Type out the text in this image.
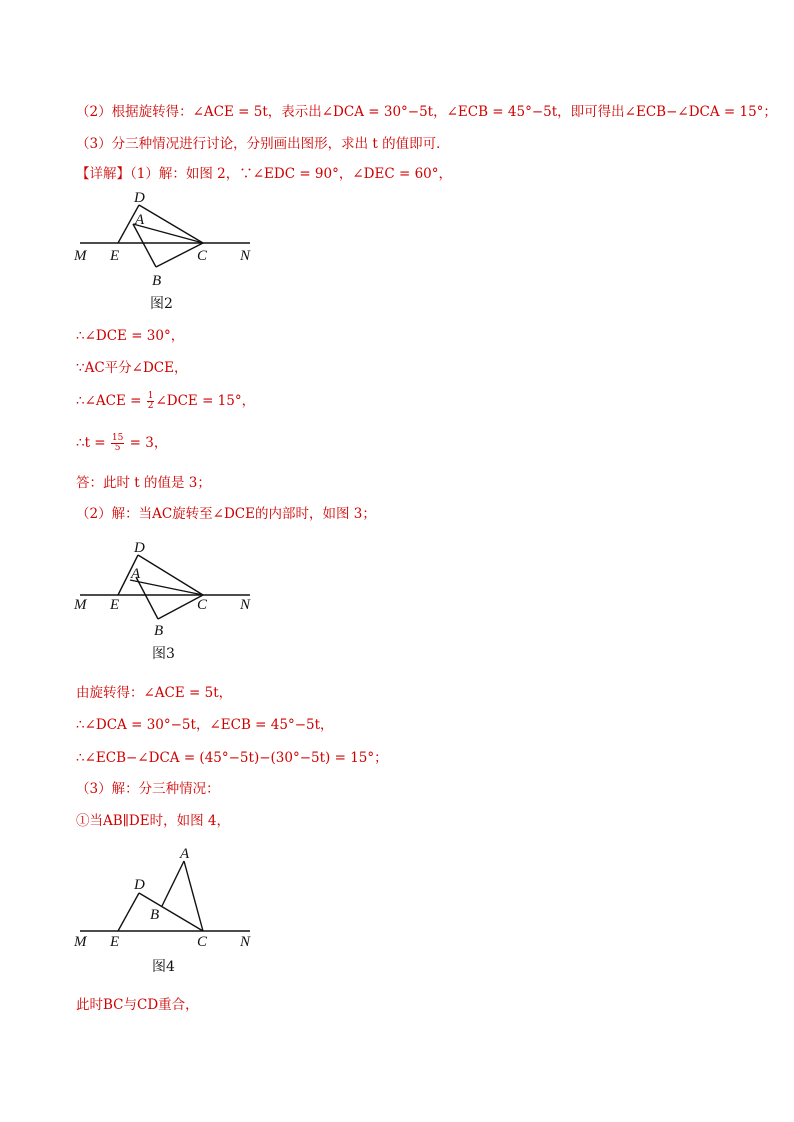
（2）根据旋转得：∠ACE = 5t，表示出∠DCA = 30°−5t，∠ECB = 45°−5t，即可得出∠ECB−∠DCA = 15°；
（3）分三种情况进行讨论，分别画出图形，求出 t 的值即可．
【详解】（1）解：如图 2，∵∠EDC = 90°，∠DEC = 60°，
D
A
M E	C N
B
图2
∴∠DCE = 30°，
∵AC平分∠DCE，
∴∠ACE = $\frac{1}{2}$ ∠DCE = 15°，
∴t = $\frac{15}{5} = 3$，
答：此时 t 的值是 3；
（2）解：当AC旋转至∠DCE的内部时，如图 3；
D
A
M E	C N
B
图3
由旋转得：∠ACE = 5t，
∴∠DCA = 30°−5t，∠ECB = 45°−5t，
∴∠ECB−∠DCA = (45°−5t)−(30°−5t) = 15°；
（3）解：分三种情况：
①当AB∥DE时，如图 4，
A
D
B
M E	C N
图4
此时BC与CD重合，
